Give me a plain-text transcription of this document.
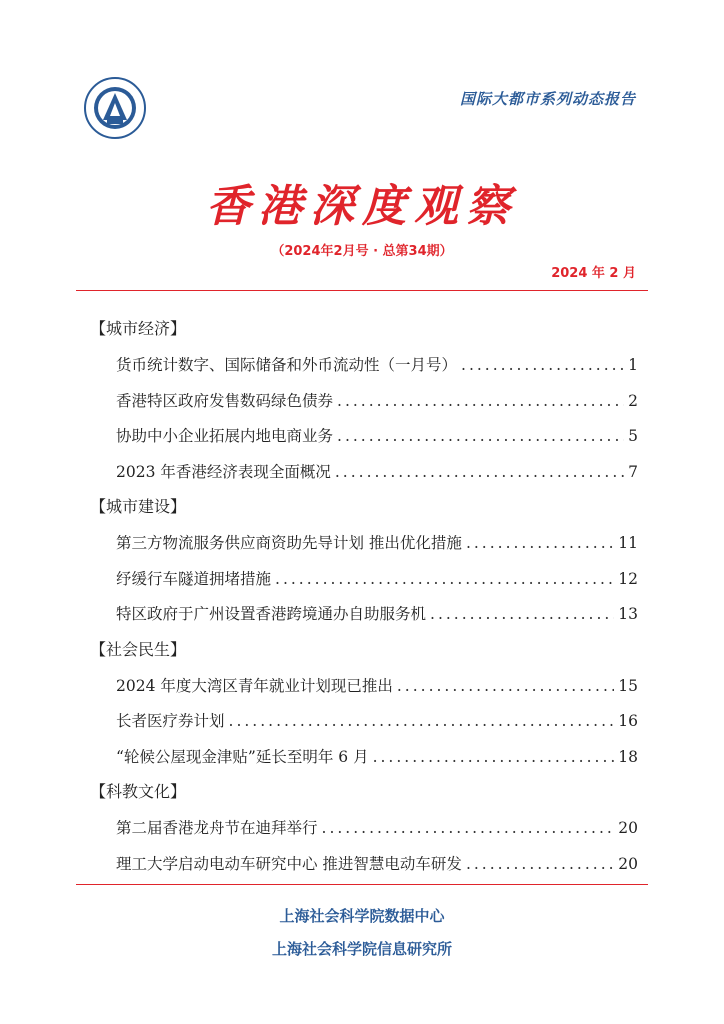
国际大都市系列动态报告
香港深度观察
（2024年2月号 · 总第34期）
2024 年 2 月
【城市经济】
货币统计数字、国际储备和外币流动性（一月号） .....	1
香港特区政府发售数码绿色债券 .....	2
协助中小企业拓展内地电商业务 .....	5
2023 年香港经济表现全面概况 .....	7
【城市建设】
第三方物流服务供应商资助先导计划 推出优化措施 .....	11
纾缓行车隧道拥堵措施 .....	12
特区政府于广州设置香港跨境通办自助服务机 .....	13
【社会民生】
2024 年度大湾区青年就业计划现已推出 .....	15
长者医疗券计划 .....	16
“轮候公屋现金津贴”延长至明年 6 月 .....	18
【科教文化】
第二届香港龙舟节在迪拜举行 .....	20
理工大学启动电动车研究中心 推进智慧电动车研发 .....	20
上海社会科学院数据中心
上海社会科学院信息研究所
